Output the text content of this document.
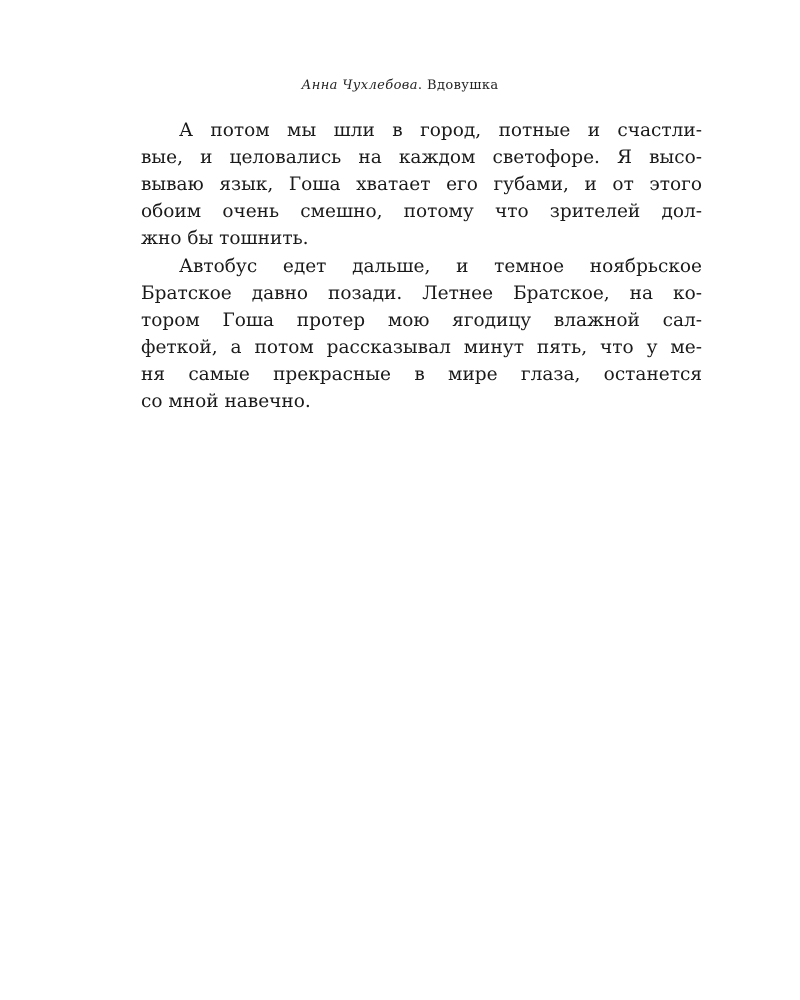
Анна Чухлебова. Вдовушка
А потом мы шли в город, потные и счастли-
вые, и целовались на каждом светофоре. Я высо-
вываю язык, Гоша хватает его губами, и от этого
обоим очень смешно, потому что зрителей дол-
жно бы тошнить.
Автобус едет дальше, и темное ноябрьское
Братское давно позади. Летнее Братское, на ко-
тором Гоша протер мою ягодицу влажной сал-
феткой, а потом рассказывал минут пять, что у ме-
ня самые прекрасные в мире глаза, останется
со мной навечно.
